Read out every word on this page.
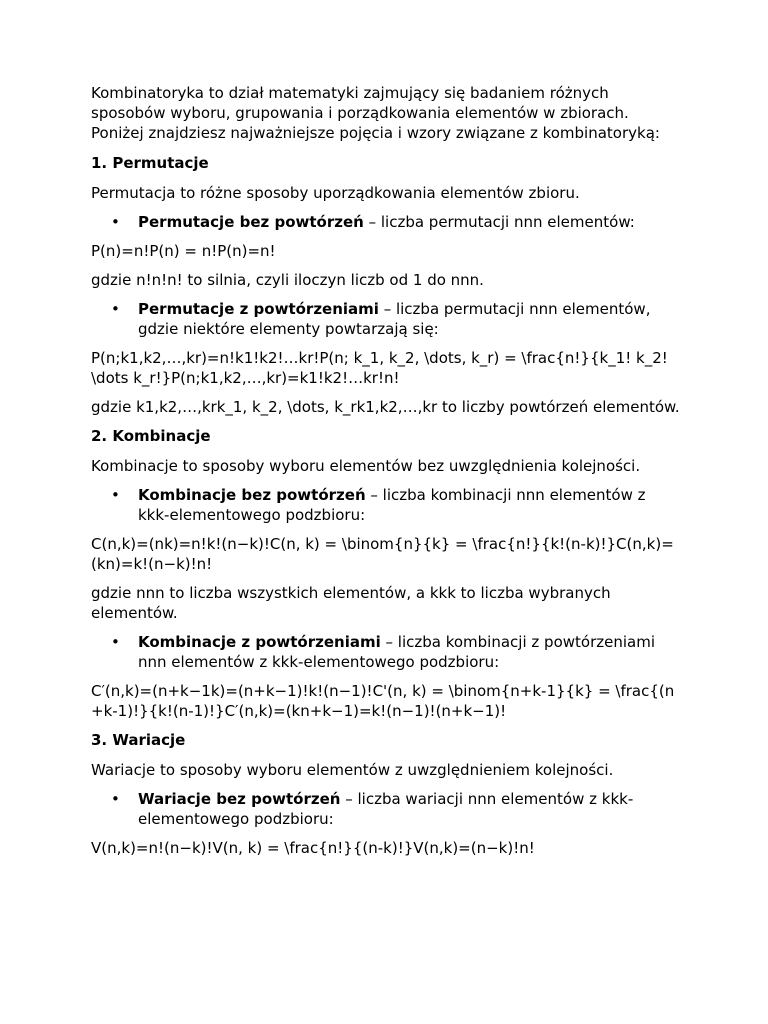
Kombinatoryka to dział matematyki zajmujący się badaniem różnych sposobów wyboru, grupowania i porządkowania elementów w zbiorach. Poniżej znajdziesz najważniejsze pojęcia i wzory związane z kombinatoryką:

1. Permutacje

Permutacja to różne sposoby uporządkowania elementów zbioru.

• Permutacje bez powtórzeń – liczba permutacji nnn elementów:

P(n)=n!P(n) = n!P(n)=n!

gdzie n!n!n! to silnia, czyli iloczyn liczb od 1 do nnn.

• Permutacje z powtórzeniami – liczba permutacji nnn elementów, gdzie niektóre elementy powtarzają się:

P(n;k1,k2,…,kr)=n!k1!k2!…kr!P(n; k_1, k_2, \dots, k_r) = \frac{n!}{k_1! k_2! \dots k_r!}P(n;k1,k2,…,kr)=k1!k2!…kr!n!

gdzie k1,k2,…,krk_1, k_2, \dots, k_rk1,k2,…,kr to liczby powtórzeń elementów.

2. Kombinacje

Kombinacje to sposoby wyboru elementów bez uwzględnienia kolejności.

• Kombinacje bez powtórzeń – liczba kombinacji nnn elementów z kkk-elementowego podzbioru:

C(n,k)=(nk)=n!k!(n−k)!C(n, k) = \binom{n}{k} = \frac{n!}{k!(n-k)!}C(n,k)=(kn)=k!(n−k)!n!

gdzie nnn to liczba wszystkich elementów, a kkk to liczba wybranych elementów.

• Kombinacje z powtórzeniami – liczba kombinacji z powtórzeniami nnn elementów z kkk-elementowego podzbioru:

C′(n,k)=(n+k−1k)=(n+k−1)!k!(n−1)!C'(n, k) = \binom{n+k-1}{k} = \frac{(n+k-1)!}{k!(n-1)!}C′(n,k)=(kn+k−1)=k!(n−1)!(n+k−1)!

3. Wariacje

Wariacje to sposoby wyboru elementów z uwzględnieniem kolejności.

• Wariacje bez powtórzeń – liczba wariacji nnn elementów z kkk-elementowego podzbioru:

V(n,k)=n!(n−k)!V(n, k) = \frac{n!}{(n-k)!}V(n,k)=(n−k)!n!
